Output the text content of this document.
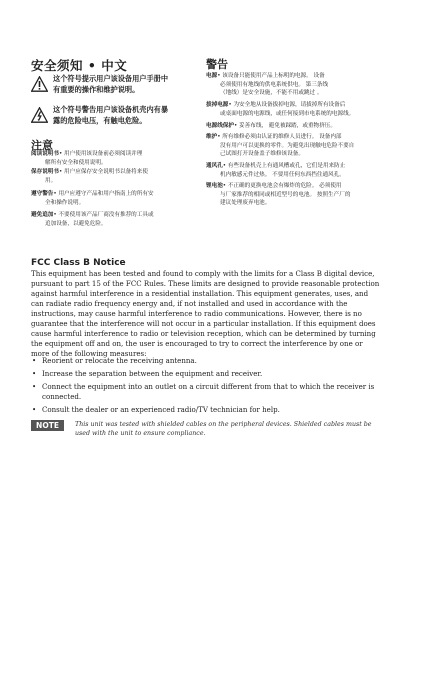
安全须知 • 中文
这个符号提示用户该设备用户手册中
有重要的操作和维护说明。
这个符号警告用户该设备机壳内有暴
露的危险电压，有触电危险。
注意
阅读说明书• 用户使用该设备前必须阅读并理
解所有安全和使用说明。
保存说明书• 用户应保存安全说明书以备将来使
用。
遵守警告• 用户应遵守产品和用户指南上的所有安
全和操作说明。
避免追加• 不要使用该产品厂商没有推荐的工具或
追加设备，以避免危险。
警告
电源• 该设备只能使用产品上标明的电源。 设备
必须使用有地线的供电系统供电。 第三条线
（地线）是安全设施，不能不用或跳过 。
拔掉电源• 为安全地从设备拔掉电源，请拔掉所有设备后
或桌面电源的电源线，或任何接到市电系统的电源线。
电源线保护• 妥善布线， 避免被踩踏，或重物挤压。
维护• 所有维修必须由认证的维修人员进行。 设备内部
没有用户可以更换的零件。为避免出现触电危险不要自
己试图打开设备盖子维修该设备。
通风孔• 有些设备机壳上有通风槽或孔，它们是用来防止
机内敏感元件过热。 不要用任何东西挡住通风孔。
锂电池• 不正确的更换电池会有爆炸的危险。 必须使用
与厂家推荐的相同或相近型号的电池。 按照生产厂的
建议处理废弃电池。
FCC Class B Notice
This equipment has been tested and found to comply with the limits for a Class B digital device, pursuant to part 15 of the FCC Rules. These limits are designed to provide reasonable protection against harmful interference in a residential installation. This equipment generates, uses, and can radiate radio frequency energy and, if not installed and used in accordance with the instructions, may cause harmful interference to radio communications. However, there is no guarantee that the interference will not occur in a particular installation. If this equipment does cause harmful interference to radio or television reception, which can be determined by turning the equipment off and on, the user is encouraged to try to correct the interference by one or more of the following measures:
• Reorient or relocate the receiving antenna.
• Increase the separation between the equipment and receiver.
• Connect the equipment into an outlet on a circuit different from that to which the receiver is connected.
• Consult the dealer or an experienced radio/TV technician for help.
NOTE	This unit was tested with shielded cables on the peripheral devices. Shielded cables must be used with the unit to ensure compliance.
